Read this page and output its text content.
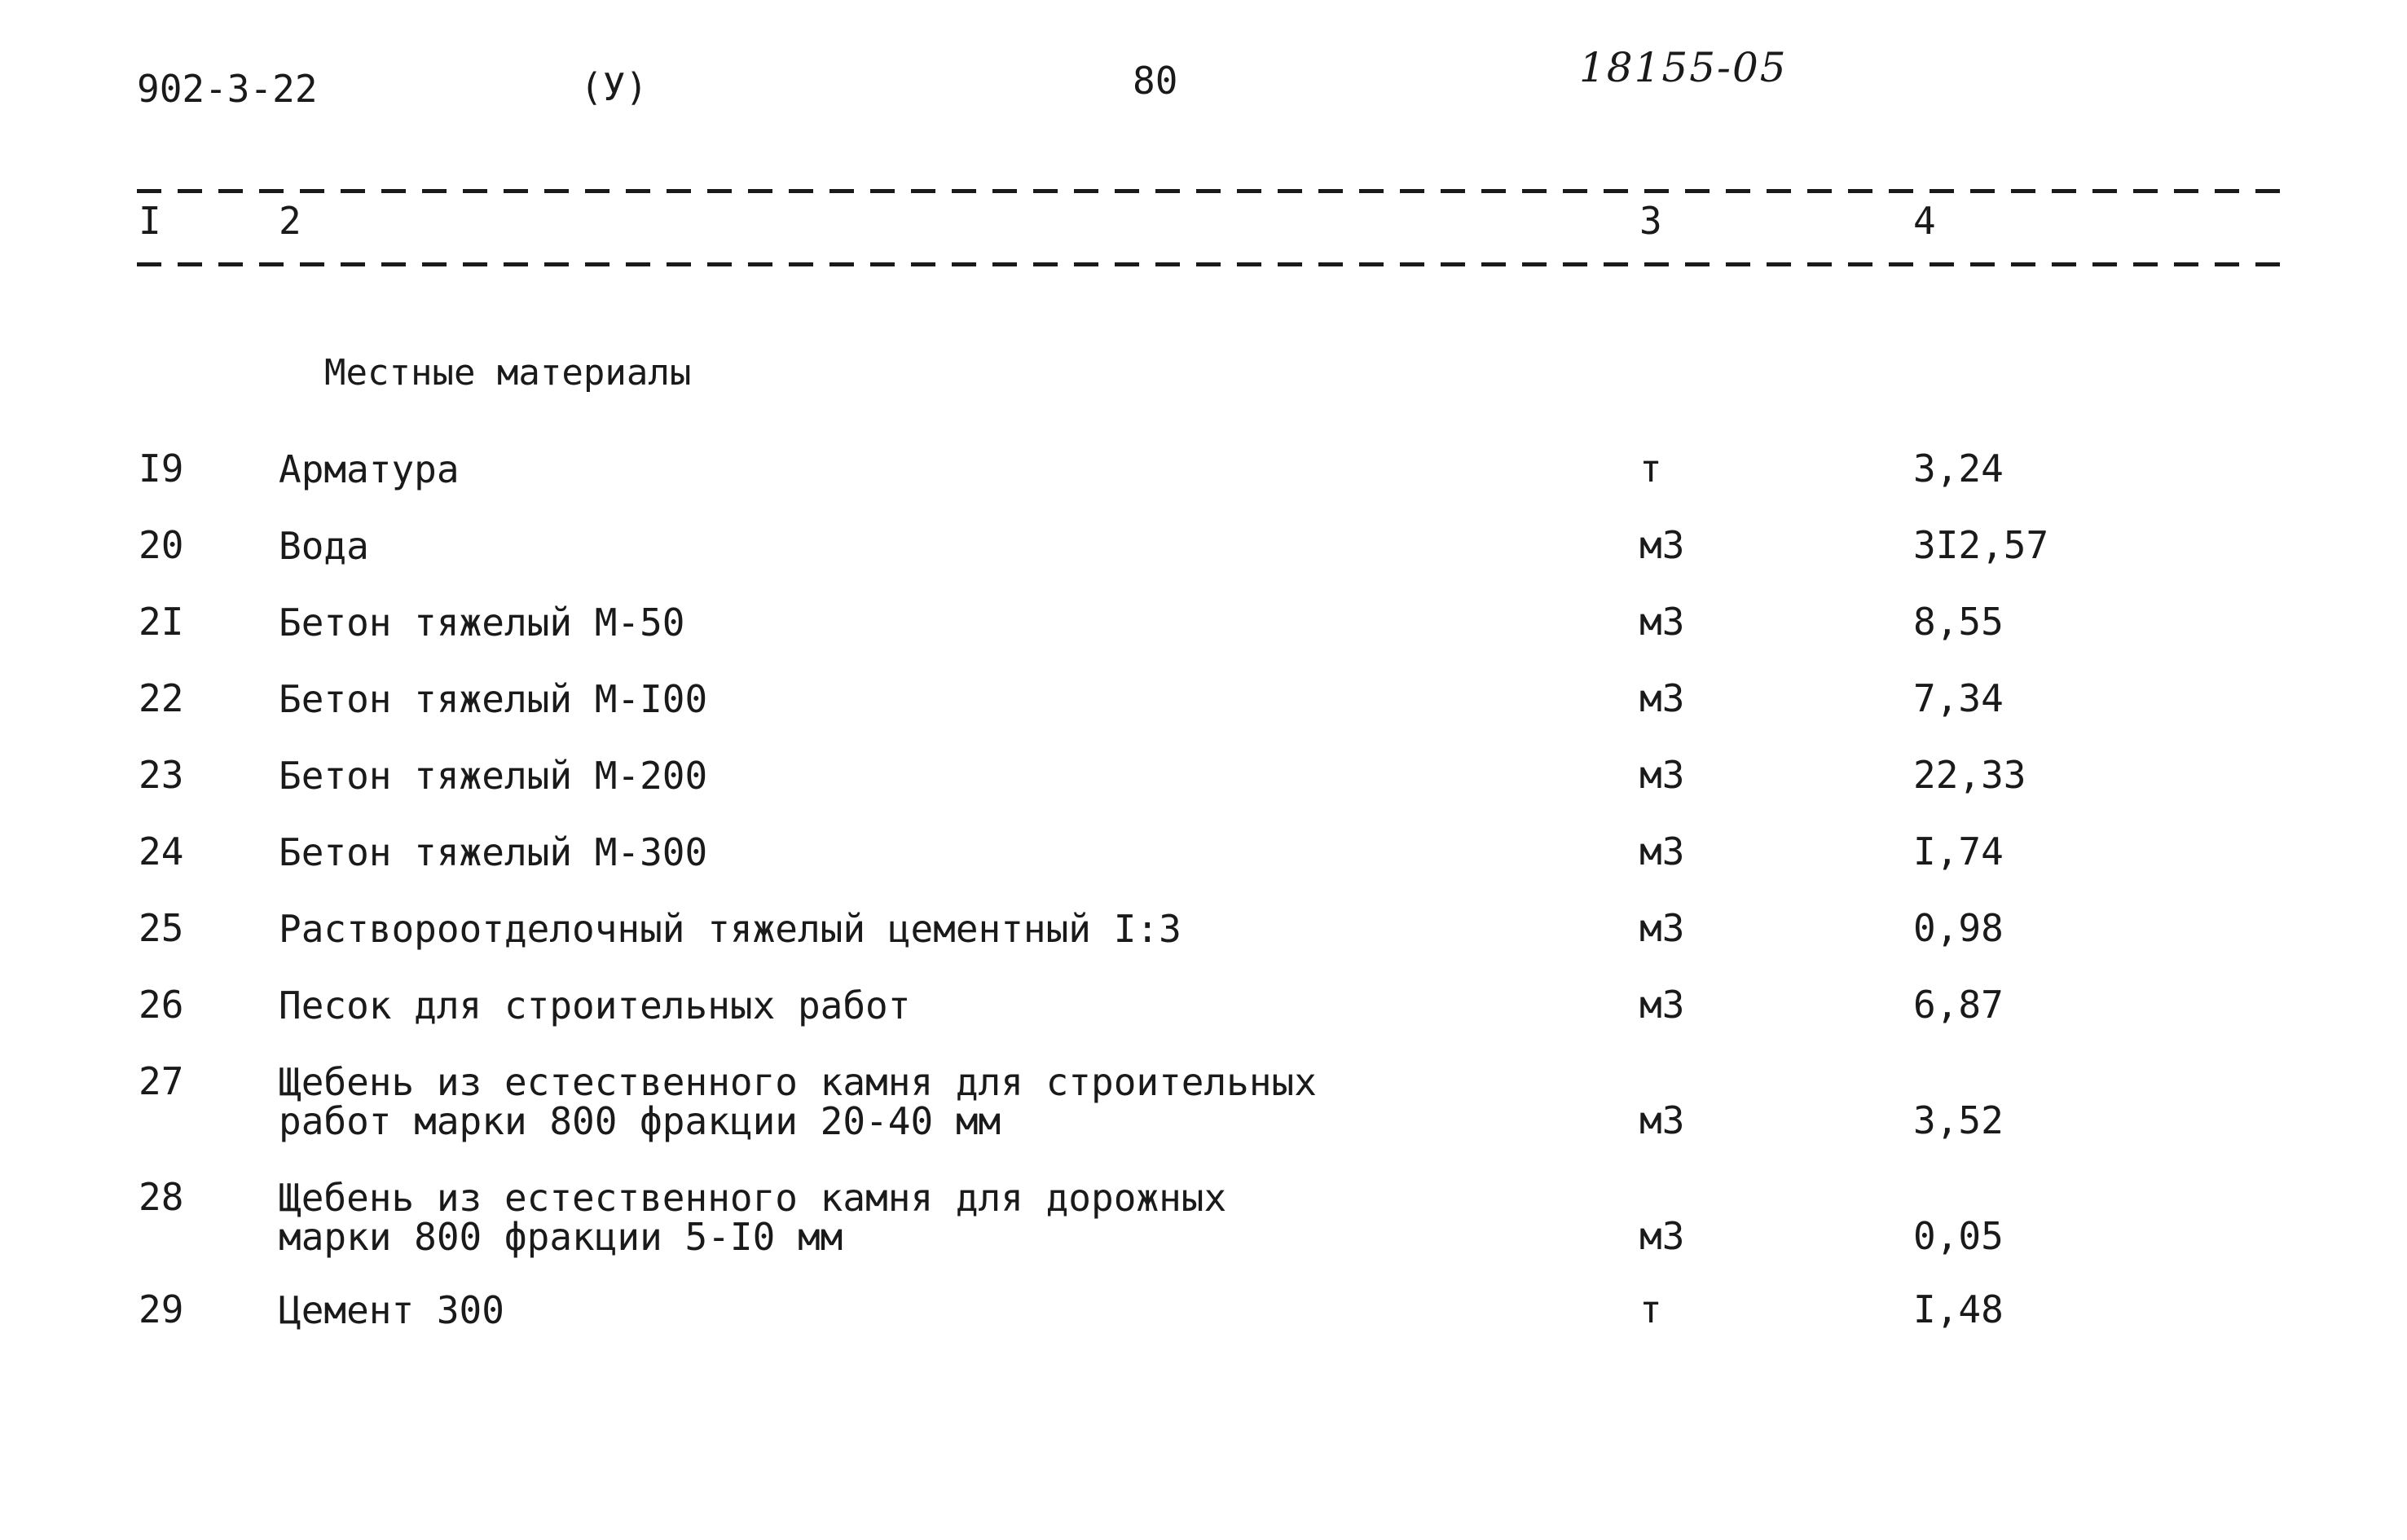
902-3-22	(У)	80	18155-05
I	2	3	4
Местные материалы
I9	Арматура	т	3,24
20	Вода	м3	3I2,57
2I	Бетон тяжелый М-50	м3	8,55
22	Бетон тяжелый М-I00	м3	7,34
23	Бетон тяжелый М-200	м3	22,33
24	Бетон тяжелый М-300	м3	I,74
25	Раствороотделочный тяжелый цементный I:3	м3	0,98
26	Песок для строительных работ	м3	6,87
27	Щебень из естественного камня для строительных
работ марки 800 фракции 20-40 мм	м3	3,52
28	Щебень из естественного камня для дорожных
марки 800 фракции 5-I0 мм	м3	0,05
29	Цемент 300	т	I,48
